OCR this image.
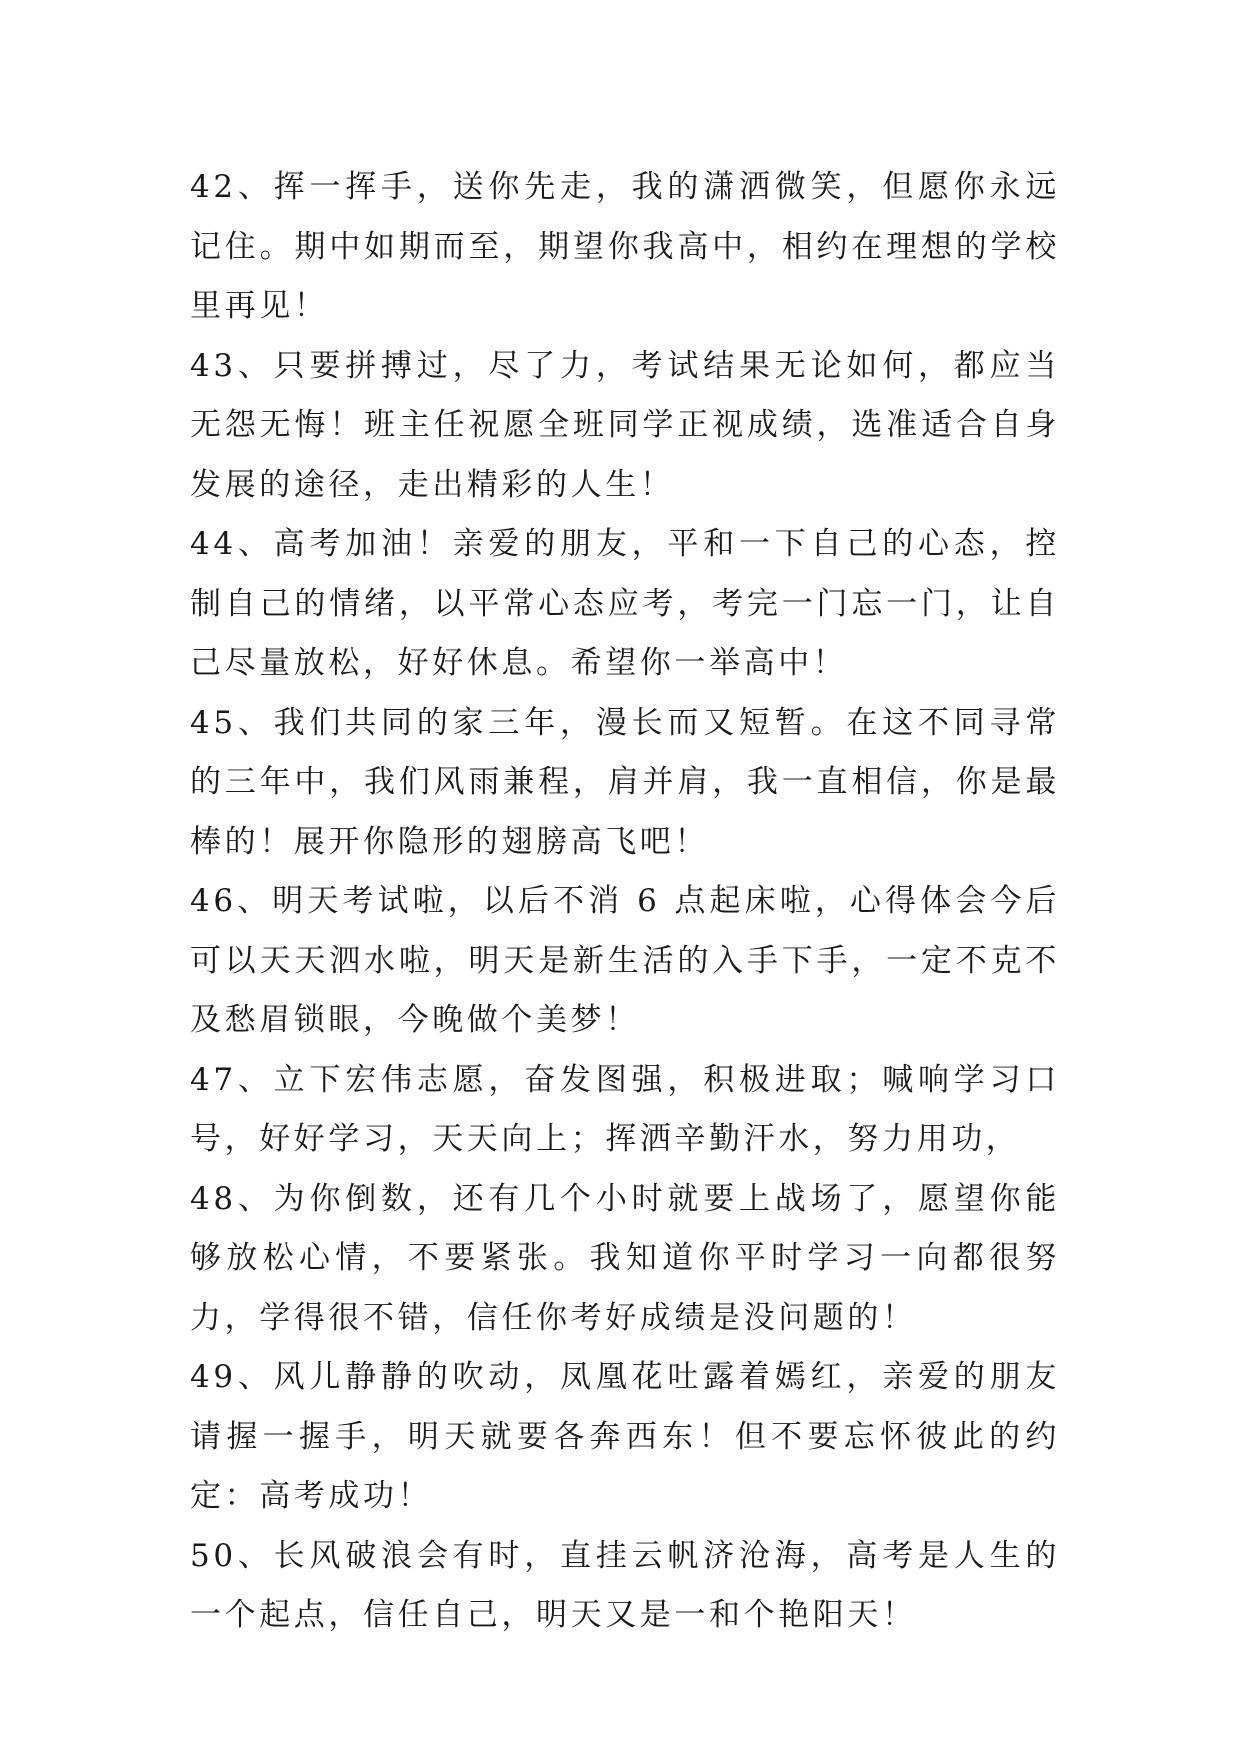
42、挥一挥手，送你先走，我的潇洒微笑，但愿你永远记住。期中如期而至，期望你我高中，相约在理想的学校里再见！

43、只要拼搏过，尽了力，考试结果无论如何，都应当无怨无悔！班主任祝愿全班同学正视成绩，选准适合自身发展的途径，走出精彩的人生！

44、高考加油！亲爱的朋友，平和一下自己的心态，控制自己的情绪，以平常心态应考，考完一门忘一门，让自己尽量放松，好好休息。希望你一举高中！

45、我们共同的家三年，漫长而又短暂。在这不同寻常的三年中，我们风雨兼程，肩并肩，我一直相信，你是最棒的！展开你隐形的翅膀高飞吧！

46、明天考试啦，以后不消 6 点起床啦，心得体会今后可以天天泗水啦，明天是新生活的入手下手，一定不克不及愁眉锁眼，今晚做个美梦！

47、立下宏伟志愿，奋发图强，积极进取；喊响学习口号，好好学习，天天向上；挥洒辛勤汗水，努力用功，

48、为你倒数，还有几个小时就要上战场了，愿望你能够放松心情，不要紧张。我知道你平时学习一向都很努力，学得很不错，信任你考好成绩是没问题的！

49、风儿静静的吹动，凤凰花吐露着嫣红，亲爱的朋友请握一握手，明天就要各奔西东！但不要忘怀彼此的约定：高考成功！

50、长风破浪会有时，直挂云帆济沧海，高考是人生的一个起点，信任自己，明天又是一和个艳阳天！
